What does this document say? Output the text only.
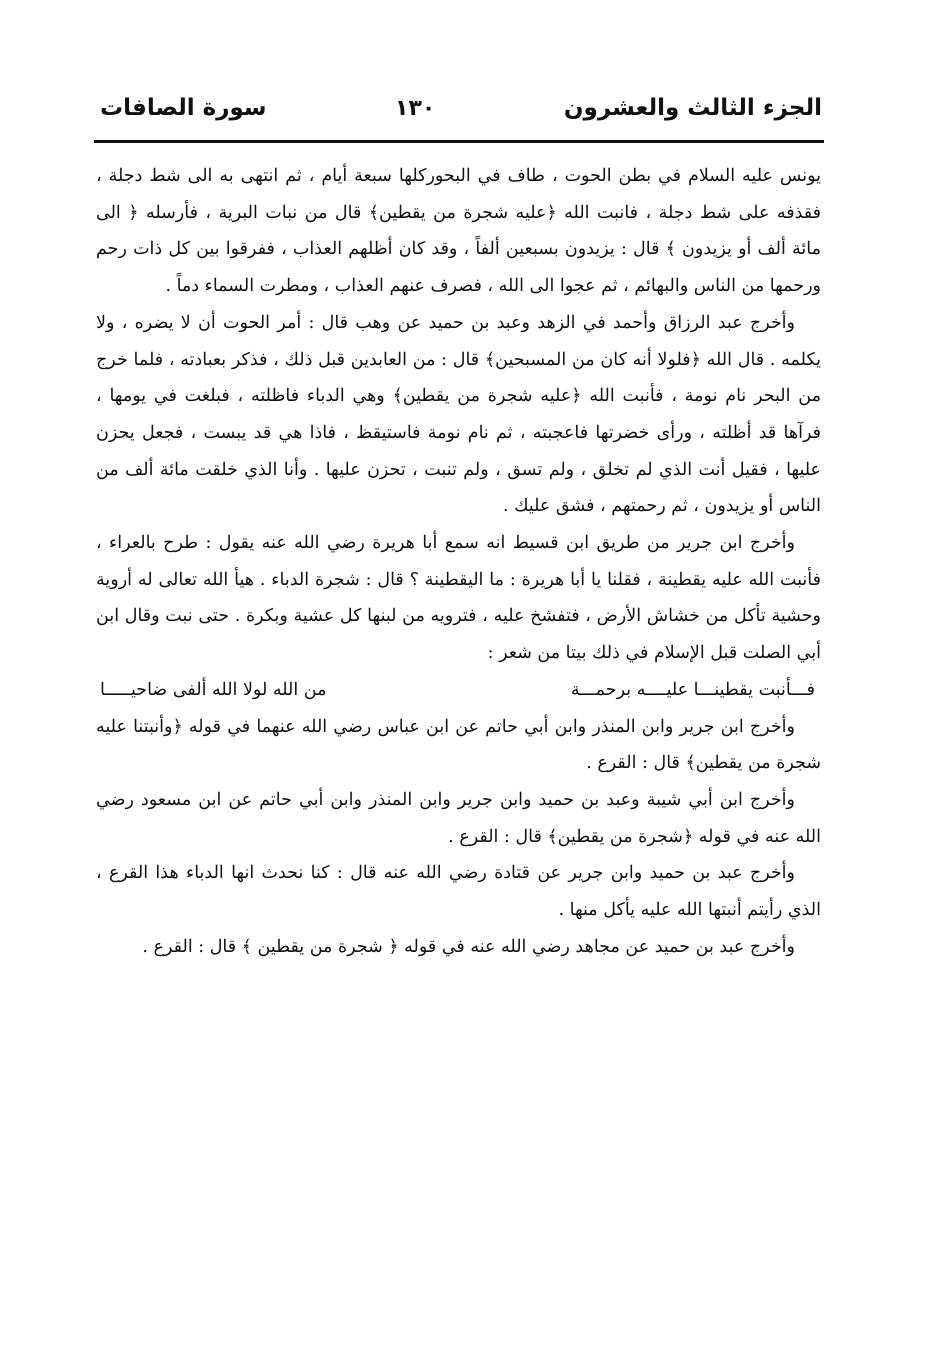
الجزء الثالث والعشرون
١٣٠
سورة الصافات

يونس عليه السلام في بطن الحوت ، طاف في البحوركلها سبعة أيام ، ثم انتهى به الى شط دجلة ، فقذفه على شط دجلة ، فانبت الله ﴿عليه شجرة من يقطين﴾ قال من نبات البرية ، فأرسله ﴿ الى مائة ألف أو يزيدون ﴾ قال : يزيدون بسبعين ألفاً ، وقد كان أظلهم العذاب ، ففرقوا بين كل ذات رحم ورحمها من الناس والبهائم ، ثم عجوا الى الله ، فصرف عنهم العذاب ، ومطرت السماء دماً .

وأخرج عبد الرزاق وأحمد في الزهد وعبد بن حميد عن وهب قال : أمر الحوت أن لا يضره ، ولا يكلمه . قال الله ﴿فلولا أنه كان من المسبحين﴾ قال : من العابدين قبل ذلك ، فذكر بعبادته ، فلما خرج من البحر نام نومة ، فأنبت الله ﴿عليه شجرة من يقطين﴾ وهي الدباء فاظلته ، فبلغت في يومها ، فرآها قد أظلته ، ورأى خضرتها فاعجبته ، ثم نام نومة فاستيقظ ، فاذا هي قد يبست ، فجعل يحزن عليها ، فقيل أنت الذي لم تخلق ، ولم تسق ، ولم تنبت ، تحزن عليها . وأنا الذي خلقت مائة ألف من الناس أو يزيدون ، ثم رحمتهم ، فشق عليك .

وأخرج ابن جرير من طريق ابن قسيط انه سمع أبا هريرة رضي الله عنه يقول : طرح بالعراء ، فأنبت الله عليه يقطينة ، فقلنا يا أبا هريرة : ما اليقطينة ؟ قال : شجرة الدباء . هيأ الله تعالى له أروية وحشية تأكل من خشاش الأرض ، فتفشخ عليه ، فترويه من لبنها كل عشية وبكرة . حتى نبت وقال ابن أبي الصلت قبل الإسلام في ذلك بيتا من شعر :

فـــأنبت يقطينـــا عليــــه برحمـــة
من الله لولا الله ألفى ضاحيـــــا

وأخرج ابن جرير وابن المنذر وابن أبي حاتم عن ابن عباس رضي الله عنهما في قوله ﴿وأنبتنا عليه شجرة من يقطين﴾ قال : القرع .

وأخرج ابن أبي شيبة وعبد بن حميد وابن جرير وابن المنذر وابن أبي حاتم عن ابن مسعود رضي الله عنه في قوله ﴿شجرة من يقطين﴾ قال : القرع .

وأخرج عبد بن حميد وابن جرير عن قتادة رضي الله عنه قال : كنا نحدث انها الدباء هذا القرع ، الذي رأيتم أنبتها الله عليه يأكل منها .

وأخرج عبد بن حميد عن مجاهد رضي الله عنه في قوله ﴿ شجرة من يقطين ﴾ قال : القرع .
